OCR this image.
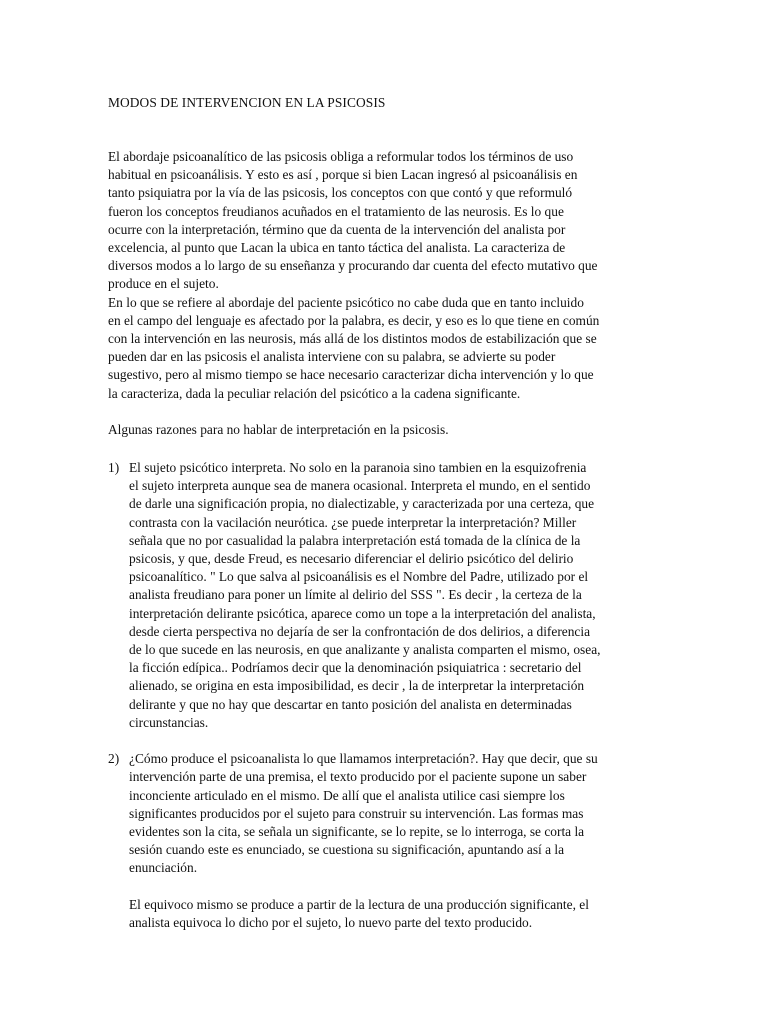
MODOS DE INTERVENCION EN LA PSICOSIS

El abordaje psicoanalítico de las psicosis obliga a reformular todos los términos de uso
habitual en psicoanálisis. Y esto es así , porque si bien Lacan ingresó al psicoanálisis en
tanto psiquiatra por la vía de las psicosis, los conceptos con que contó y que reformuló
fueron los conceptos freudianos acuñados en el tratamiento de las neurosis. Es lo que
ocurre con la interpretación, término que da cuenta de la intervención del analista por
excelencia, al punto que Lacan la ubica en tanto táctica del analista. La caracteriza de
diversos modos a lo largo de su enseñanza y procurando dar cuenta del efecto mutativo que
produce en el sujeto.
En lo que se refiere al abordaje del paciente psicótico no cabe duda que en tanto incluido
en el campo del lenguaje es afectado por la palabra, es decir, y eso es lo que tiene en común
con la intervención en las neurosis, más allá de los distintos modos de estabilización que se
pueden dar en las psicosis el analista interviene con su palabra, se advierte su poder
sugestivo, pero al mismo tiempo se hace necesario caracterizar dicha intervención y lo que
la caracteriza, dada la peculiar relación del psicótico a la cadena significante.

Algunas razones para no hablar de interpretación en la psicosis.

1) El sujeto psicótico interpreta. No solo en la paranoia sino tambien en la esquizofrenia
el sujeto interpreta aunque sea de manera ocasional. Interpreta el mundo, en el sentido
de darle una significación propia, no dialectizable, y caracterizada por una certeza, que
contrasta con la vacilación neurótica. ¿se puede interpretar la interpretación? Miller
señala que no por casualidad la palabra interpretación está tomada de la clínica de la
psicosis, y que, desde Freud, es necesario diferenciar el delirio psicótico del delirio
psicoanalítico. " Lo que salva al psicoanálisis es el Nombre del Padre, utilizado por el
analista freudiano para poner un límite al delirio del SSS ". Es decir , la certeza de la
interpretación delirante psicótica, aparece como un tope a la interpretación del analista,
desde cierta perspectiva no dejaría de ser la confrontación de dos delirios, a diferencia
de lo que sucede en las neurosis, en que analizante y analista comparten el mismo, osea,
la ficción edípica.. Podríamos decir que la denominación psiquiatrica : secretario del
alienado, se origina en esta imposibilidad, es decir , la de interpretar la interpretación
delirante y que no hay que descartar en tanto posición del analista en determinadas
circunstancias.

2) ¿Cómo produce el psicoanalista lo que llamamos interpretación?. Hay que decir, que su
intervención parte de una premisa, el texto producido por el paciente supone un saber
inconciente articulado en el mismo. De allí que el analista utilice casi siempre los
significantes producidos por el sujeto para construir su intervención. Las formas mas
evidentes son la cita, se señala un significante, se lo repite, se lo interroga, se corta la
sesión cuando este es enunciado, se cuestiona su significación, apuntando así a la
enunciación.

El equivoco mismo se produce a partir de la lectura de una producción significante, el
analista equivoca lo dicho por el sujeto, lo nuevo parte del texto producido.
